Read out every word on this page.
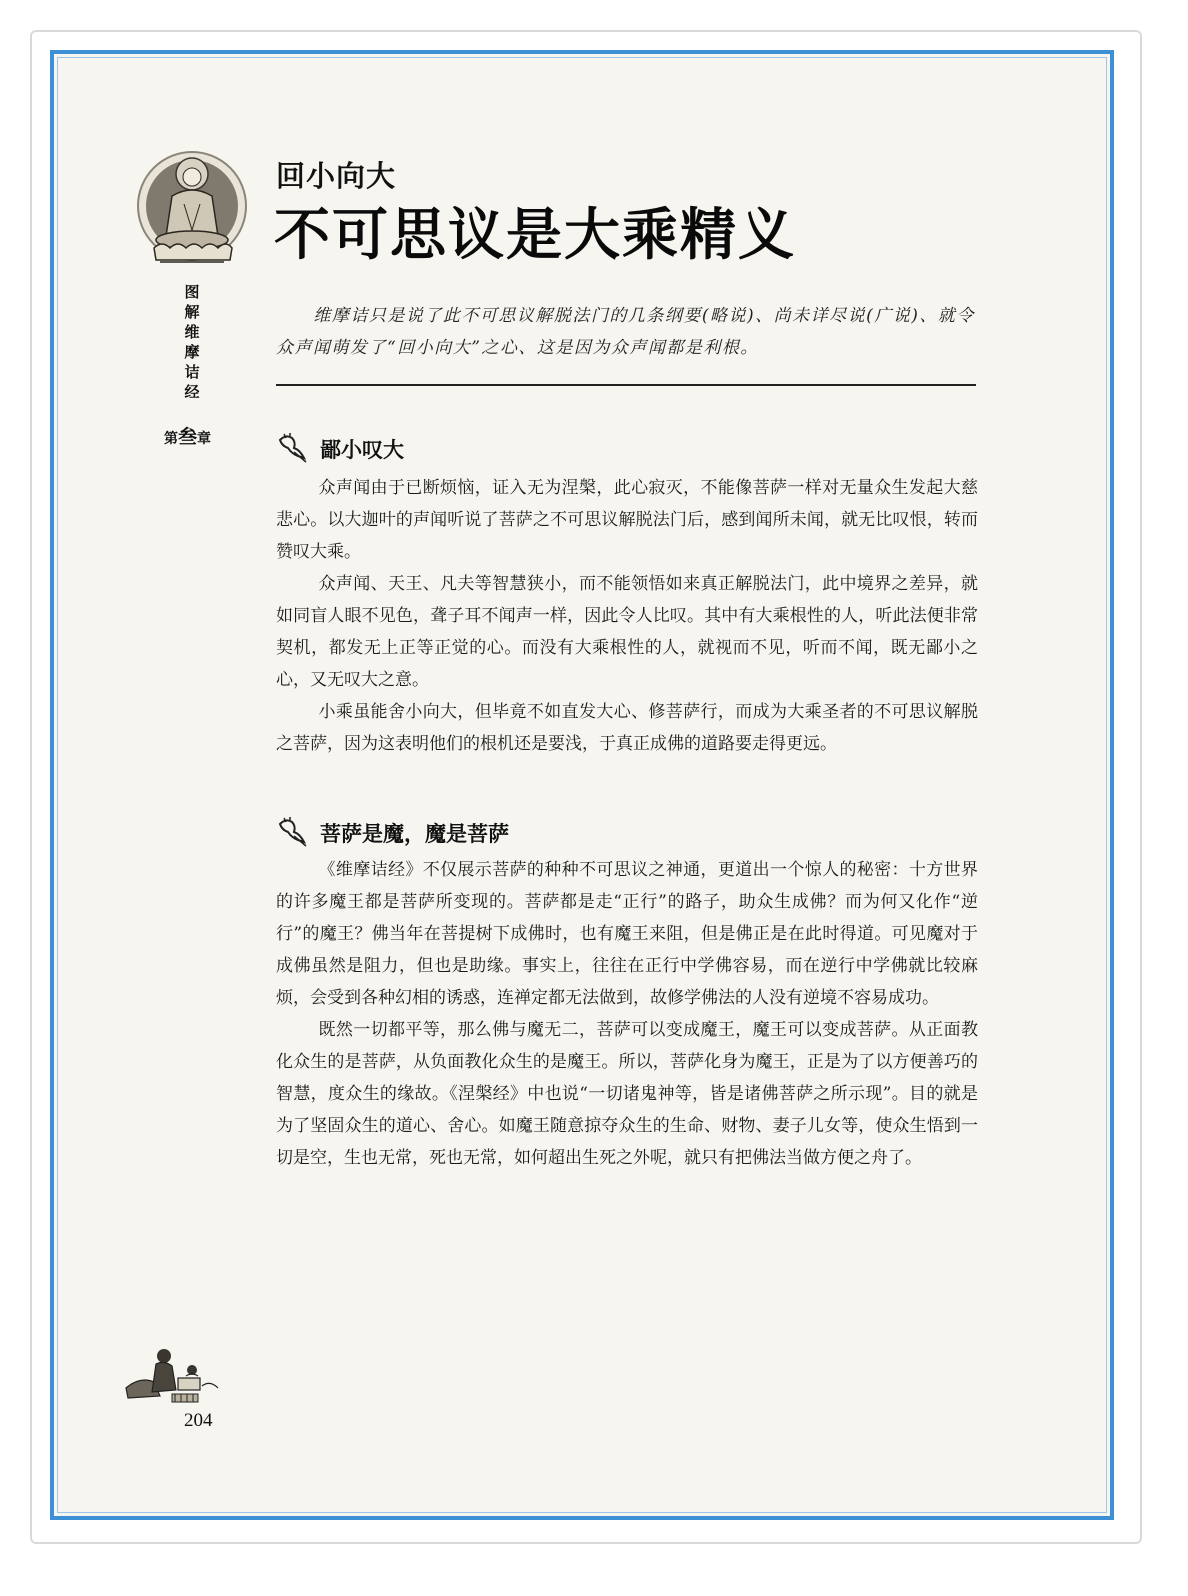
图
解
维
摩
诘
经
第叁章
回小向大
不可思议是大乘精义
维摩诘只是说了此不可思议解脱法门的几条纲要(略说)、尚未详尽说(广说)、就令众声闻萌发了“回小向大”之心、这是因为众声闻都是利根。
鄙小叹大

众声闻由于已断烦恼，证入无为涅槃，此心寂灭，不能像菩萨一样对无量众生发起大慈悲心。以大迦叶的声闻听说了菩萨之不可思议解脱法门后，感到闻所未闻，就无比叹恨，转而赞叹大乘。

众声闻、天王、凡夫等智慧狭小，而不能领悟如来真正解脱法门，此中境界之差异，就如同盲人眼不见色，聋子耳不闻声一样，因此令人比叹。其中有大乘根性的人，听此法便非常契机，都发无上正等正觉的心。而没有大乘根性的人，就视而不见，听而不闻，既无鄙小之心，又无叹大之意。

小乘虽能舍小向大，但毕竟不如直发大心、修菩萨行，而成为大乘圣者的不可思议解脱之菩萨，因为这表明他们的根机还是要浅，于真正成佛的道路要走得更远。

菩萨是魔，魔是菩萨

《维摩诘经》不仅展示菩萨的种种不可思议之神通，更道出一个惊人的秘密：十方世界的许多魔王都是菩萨所变现的。菩萨都是走“正行”的路子，助众生成佛？而为何又化作“逆行”的魔王？佛当年在菩提树下成佛时，也有魔王来阻，但是佛正是在此时得道。可见魔对于成佛虽然是阻力，但也是助缘。事实上，往往在正行中学佛容易，而在逆行中学佛就比较麻烦，会受到各种幻相的诱惑，连禅定都无法做到，故修学佛法的人没有逆境不容易成功。

既然一切都平等，那么佛与魔无二，菩萨可以变成魔王，魔王可以变成菩萨。从正面教化众生的是菩萨，从负面教化众生的是魔王。所以，菩萨化身为魔王，正是为了以方便善巧的智慧，度众生的缘故。《涅槃经》中也说“一切诸鬼神等，皆是诸佛菩萨之所示现”。目的就是为了坚固众生的道心、舍心。如魔王随意掠夺众生的生命、财物、妻子儿女等，使众生悟到一切是空，生也无常，死也无常，如何超出生死之外呢，就只有把佛法当做方便之舟了。

204
